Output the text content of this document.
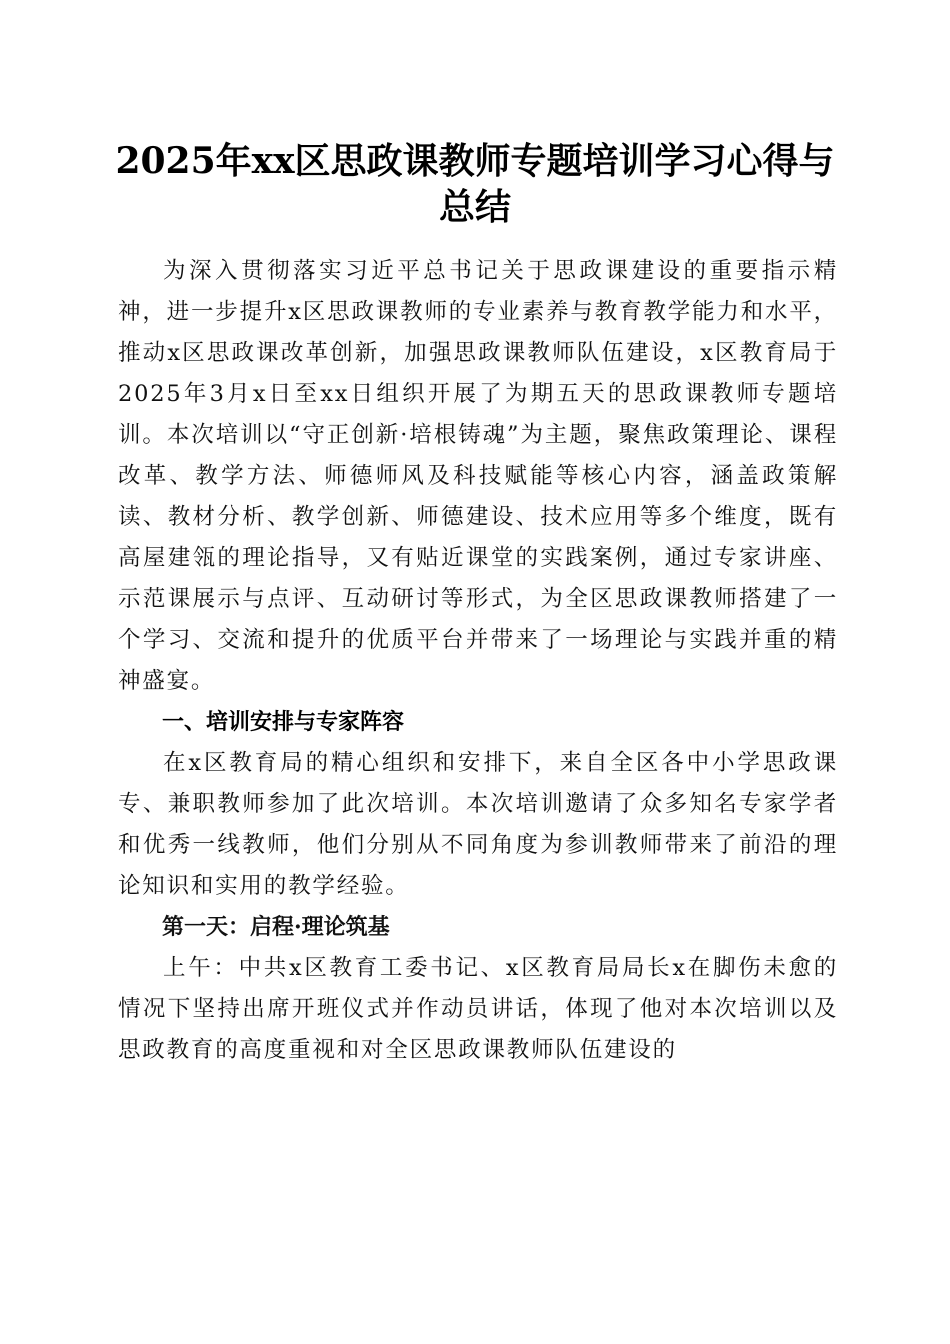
2025年xx区思政课教师专题培训学习心得与
总结

为深入贯彻落实习近平总书记关于思政课建设的重要指示精神，进一步提升x区思政课教师的专业素养与教育教学能力和水平，推动x区思政课改革创新，加强思政课教师队伍建设，x区教育局于2025年3月x日至xx日组织开展了为期五天的思政课教师专题培训。本次培训以“守正创新·培根铸魂”为主题，聚焦政策理论、课程改革、教学方法、师德师风及科技赋能等核心内容，涵盖政策解读、教材分析、教学创新、师德建设、技术应用等多个维度，既有高屋建瓴的理论指导，又有贴近课堂的实践案例，通过专家讲座、示范课展示与点评、互动研讨等形式，为全区思政课教师搭建了一个学习、交流和提升的优质平台并带来了一场理论与实践并重的精神盛宴。

一、培训安排与专家阵容

在x区教育局的精心组织和安排下，来自全区各中小学思政课专、兼职教师参加了此次培训。本次培训邀请了众多知名专家学者和优秀一线教师，他们分别从不同角度为参训教师带来了前沿的理论知识和实用的教学经验。

第一天：启程·理论筑基

上午：中共x区教育工委书记、x区教育局局长x在脚伤未愈的情况下坚持出席开班仪式并作动员讲话，体现了他对本次培训以及思政教育的高度重视和对全区思政课教师队伍建设的
